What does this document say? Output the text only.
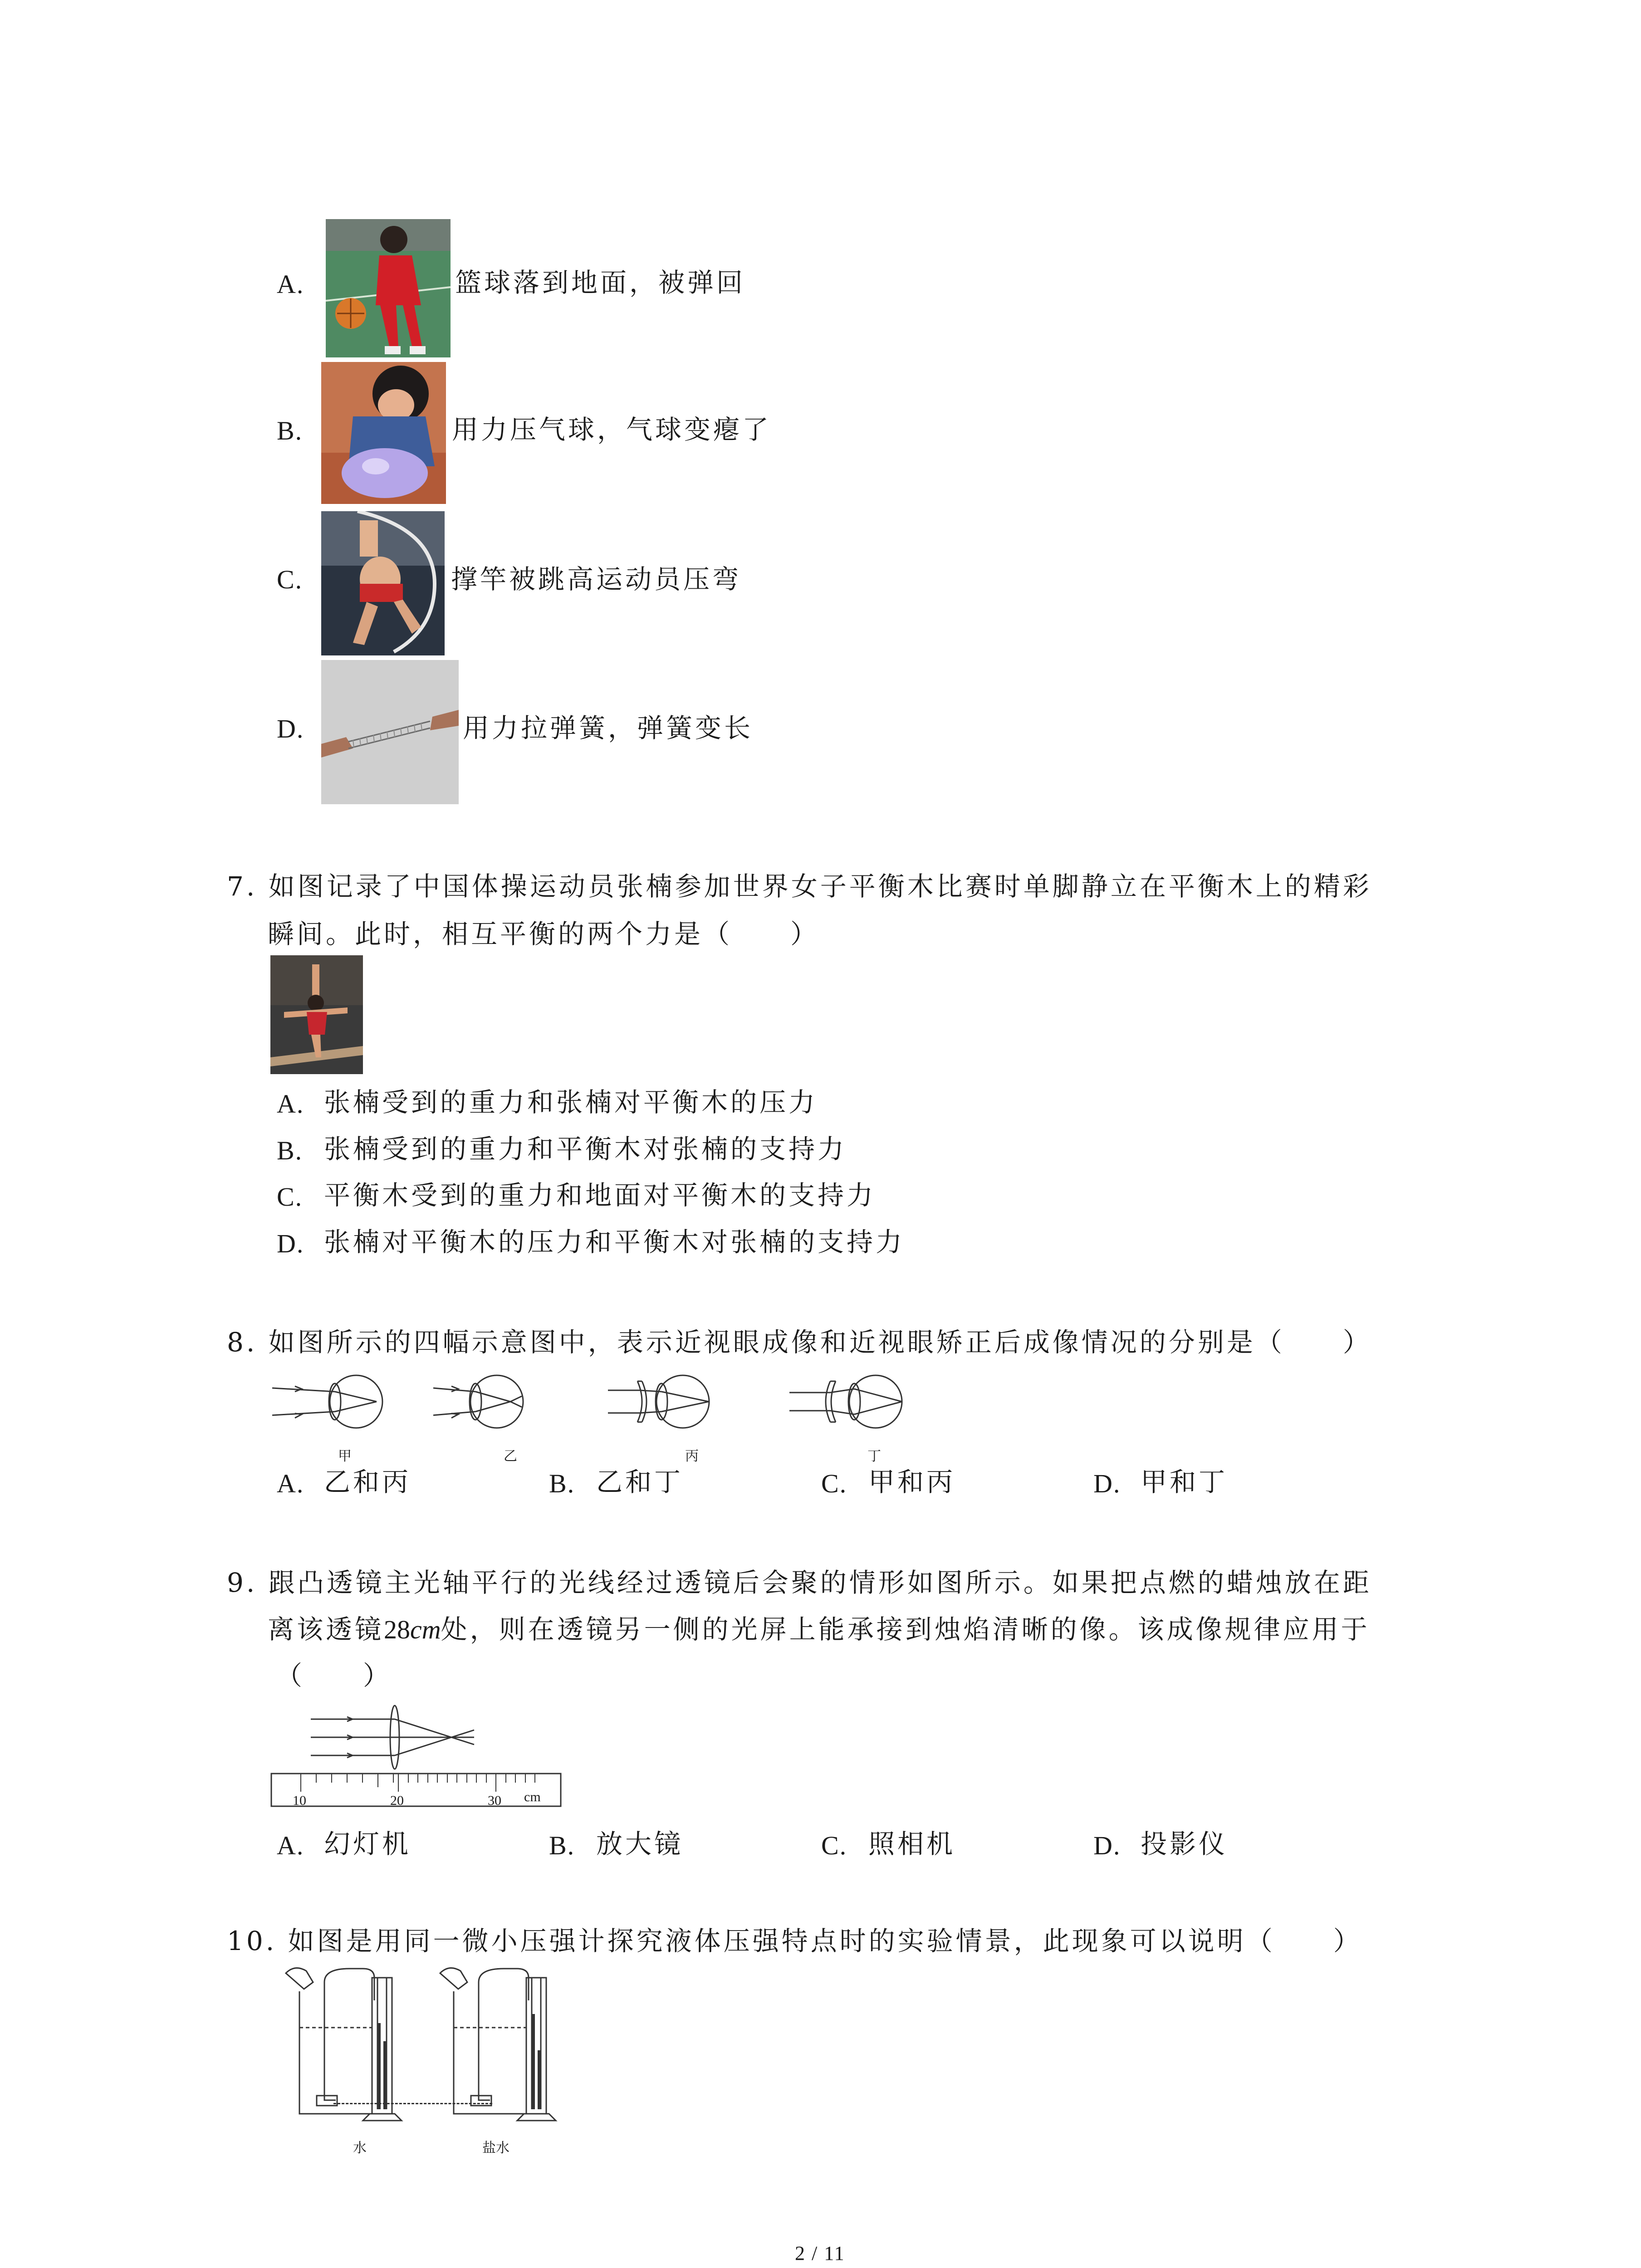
A.	篮球落到地面，被弹回
B.	用力压气球，气球变瘪了
C.	撑竿被跳高运动员压弯
D.	用力拉弹簧，弹簧变长
7. 如图记录了中国体操运动员张楠参加世界女子平衡木比赛时单脚静立在平衡木上的精彩
瞬间。此时，相互平衡的两个力是（　　）
A. 张楠受到的重力和张楠对平衡木的压力
B. 张楠受到的重力和平衡木对张楠的支持力
C. 平衡木受到的重力和地面对平衡木的支持力
D. 张楠对平衡木的压力和平衡木对张楠的支持力
8. 如图所示的四幅示意图中，表示近视眼成像和近视眼矫正后成像情况的分别是（　　）
甲	乙	丙	丁
A. 乙和丙	B. 乙和丁	C. 甲和丙	D. 甲和丁
9. 跟凸透镜主光轴平行的光线经过透镜后会聚的情形如图所示。如果把点燃的蜡烛放在距
离该透镜28cm处，则在透镜另一侧的光屏上能承接到烛焰清晰的像。该成像规律应用于
（　　）
10	20	30 cm
A. 幻灯机	B. 放大镜	C. 照相机	D. 投影仪
10. 如图是用同一微小压强计探究液体压强特点时的实验情景，此现象可以说明（　　）
水	盐水
2 / 11
